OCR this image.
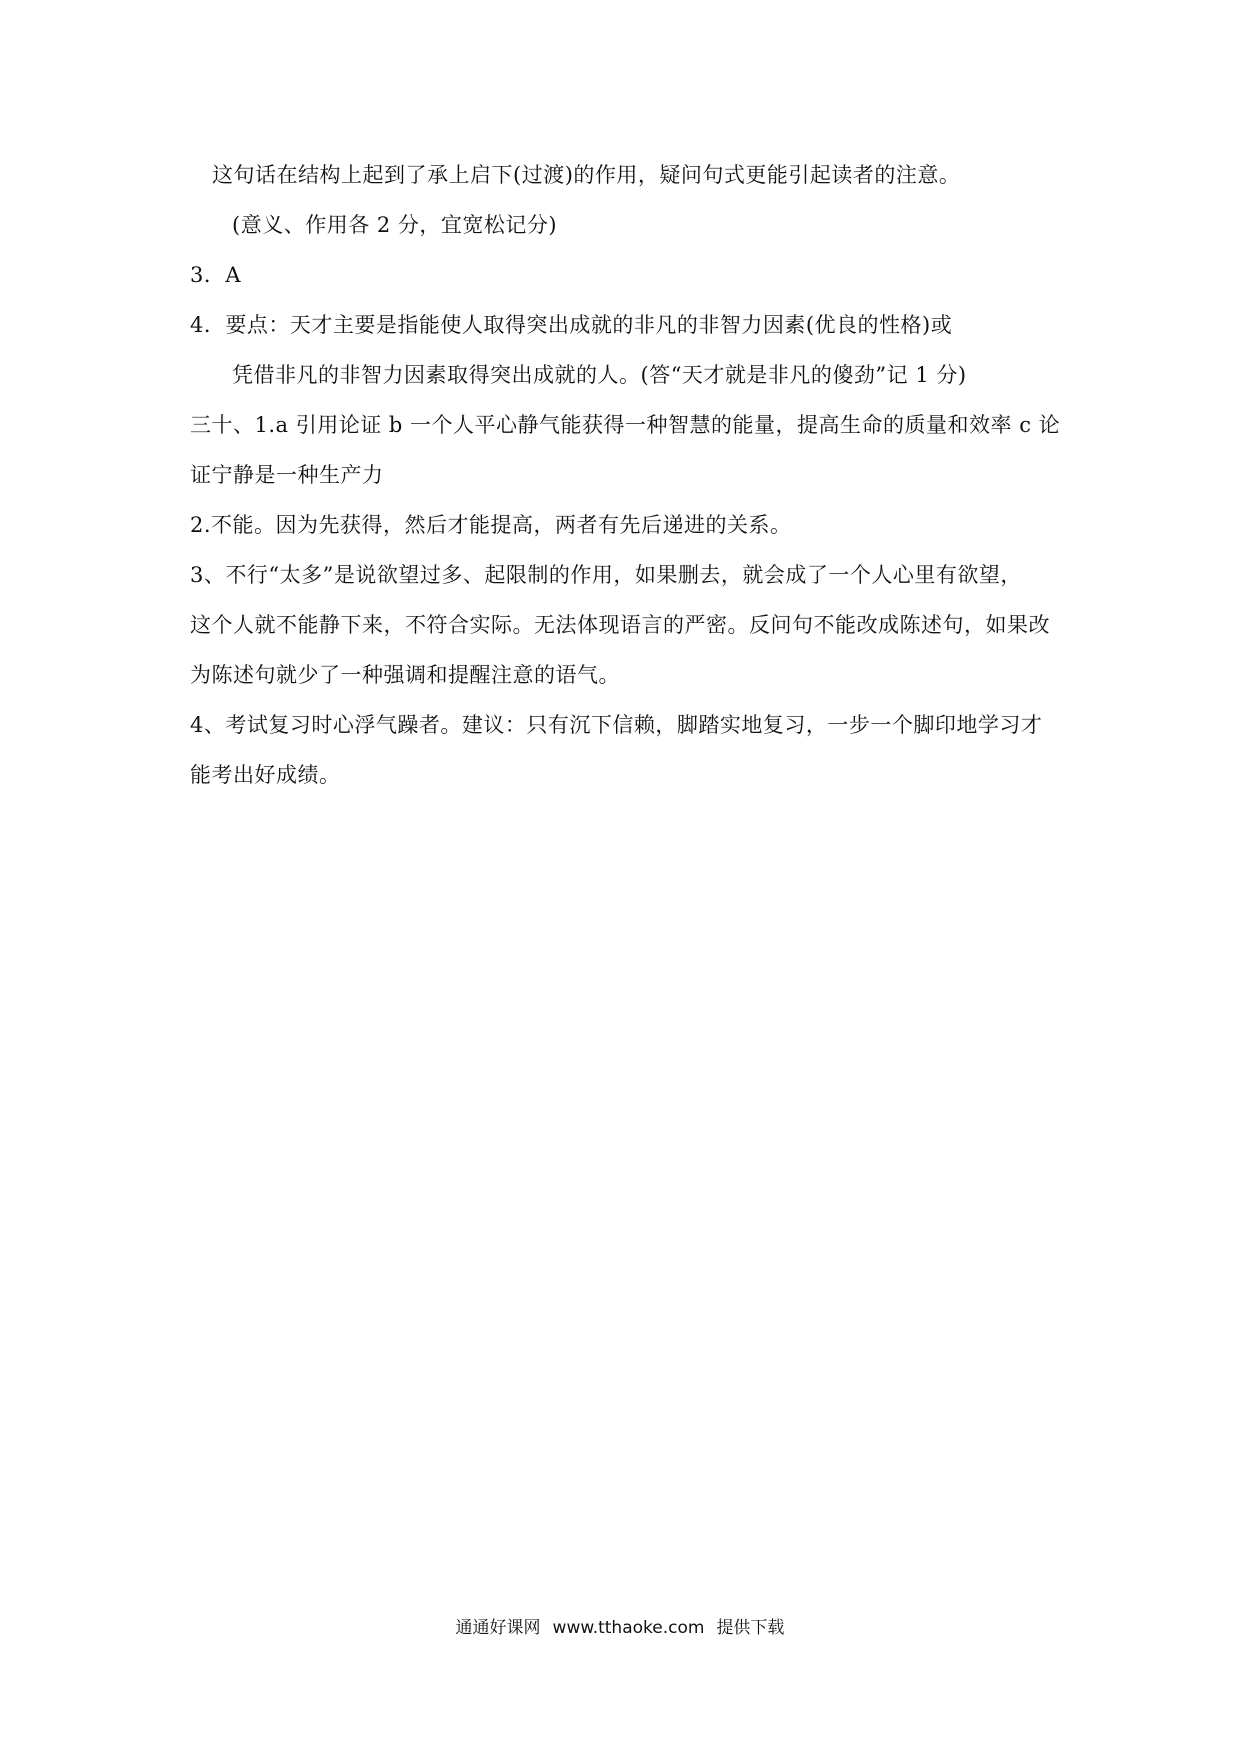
这句话在结构上起到了承上启下(过渡)的作用，疑问句式更能引起读者的注意。
(意义、作用各 2 分，宜宽松记分)
3．A
4．要点：天才主要是指能使人取得突出成就的非凡的非智力因素(优良的性格)或
凭借非凡的非智力因素取得突出成就的人。(答“天才就是非凡的傻劲”记 1 分)
三十、1.a 引用论证 b 一个人平心静气能获得一种智慧的能量，提高生命的质量和效率 c 论
证宁静是一种生产力
2.不能。因为先获得，然后才能提高，两者有先后递进的关系。
3、不行“太多”是说欲望过多、起限制的作用，如果删去，就会成了一个人心里有欲望，
这个人就不能静下来，不符合实际。无法体现语言的严密。反问句不能改成陈述句，如果改
为陈述句就少了一种强调和提醒注意的语气。
4、考试复习时心浮气躁者。建议：只有沉下信赖，脚踏实地复习，一步一个脚印地学习才
能考出好成绩。
通通好课网 www.tthaoke.com 提供下载
